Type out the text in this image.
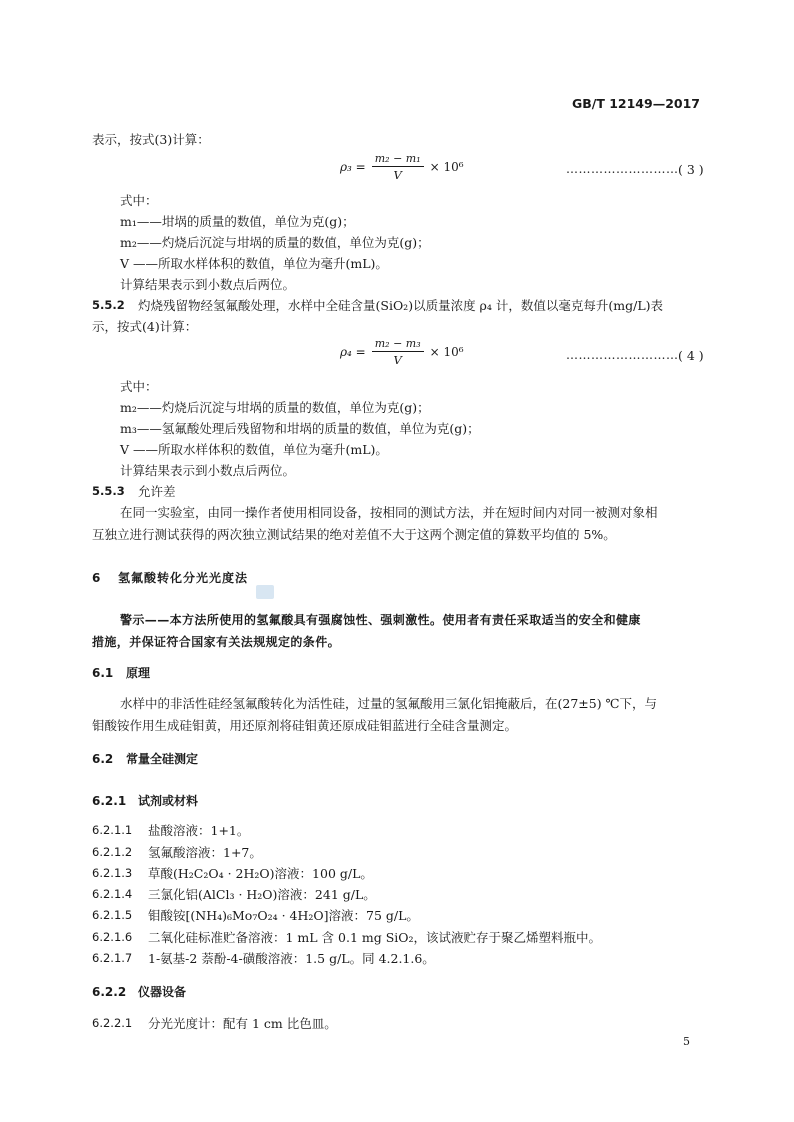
GB/T 12149—2017
表示，按式(3)计算：
$\rho_3 = \frac{\text{m₂ − m₁}}{V} \times 10^6$	……………………… ( 3 )
式中：
m₁——坩埚的质量的数值，单位为克(g)；
m₂——灼烧后沉淀与坩埚的质量的数值，单位为克(g)；
V ——所取水样体积的数值，单位为毫升(mL)。
计算结果表示到小数点后两位。
5.5.2 灼烧残留物经氢氟酸处理，水样中全硅含量(SiO₂)以质量浓度 ρ₄ 计，数值以毫克每升(mg/L)表
示，按式(4)计算：
$\rho_4 = \frac{\text{m₂ − m₃}}{V} \times 10^6$	……………………… ( 4 )
式中：
m₂——灼烧后沉淀与坩埚的质量的数值，单位为克(g)；
m₃——氢氟酸处理后残留物和坩埚的质量的数值，单位为克(g)；
V ——所取水样体积的数值，单位为毫升(mL)。
计算结果表示到小数点后两位。
5.5.3 允许差
在同一实验室，由同一操作者使用相同设备，按相同的测试方法，并在短时间内对同一被测对象相
互独立进行测试获得的两次独立测试结果的绝对差值不大于这两个测定值的算数平均值的 5%。
6 氢氟酸转化分光光度法
警示——本方法所使用的氢氟酸具有强腐蚀性、强刺激性。使用者有责任采取适当的安全和健康
措施，并保证符合国家有关法规规定的条件。
6.1 原理
水样中的非活性硅经氢氟酸转化为活性硅，过量的氢氟酸用三氯化铝掩蔽后，在(27±5) ℃下，与
钼酸铵作用生成硅钼黄，用还原剂将硅钼黄还原成硅钼蓝进行全硅含量测定。
6.2 常量全硅测定
6.2.1 试剂或材料
6.2.1.1 盐酸溶液：1+1。
6.2.1.2 氢氟酸溶液：1+7。
6.2.1.3 草酸(H₂C₂O₄ · 2H₂O)溶液：100 g/L。
6.2.1.4 三氯化铝(AlCl₃ · H₂O)溶液：241 g/L。
6.2.1.5 钼酸铵[(NH₄)₆Mo₇O₂₄ · 4H₂O]溶液：75 g/L。
6.2.1.6 二氧化硅标准贮备溶液：1 mL 含 0.1 mg SiO₂，该试液贮存于聚乙烯塑料瓶中。
6.2.1.7 1-氨基-2 萘酚-4-磺酸溶液：1.5 g/L。同 4.2.1.6。
6.2.2 仪器设备
6.2.2.1 分光光度计：配有 1 cm 比色皿。
5
